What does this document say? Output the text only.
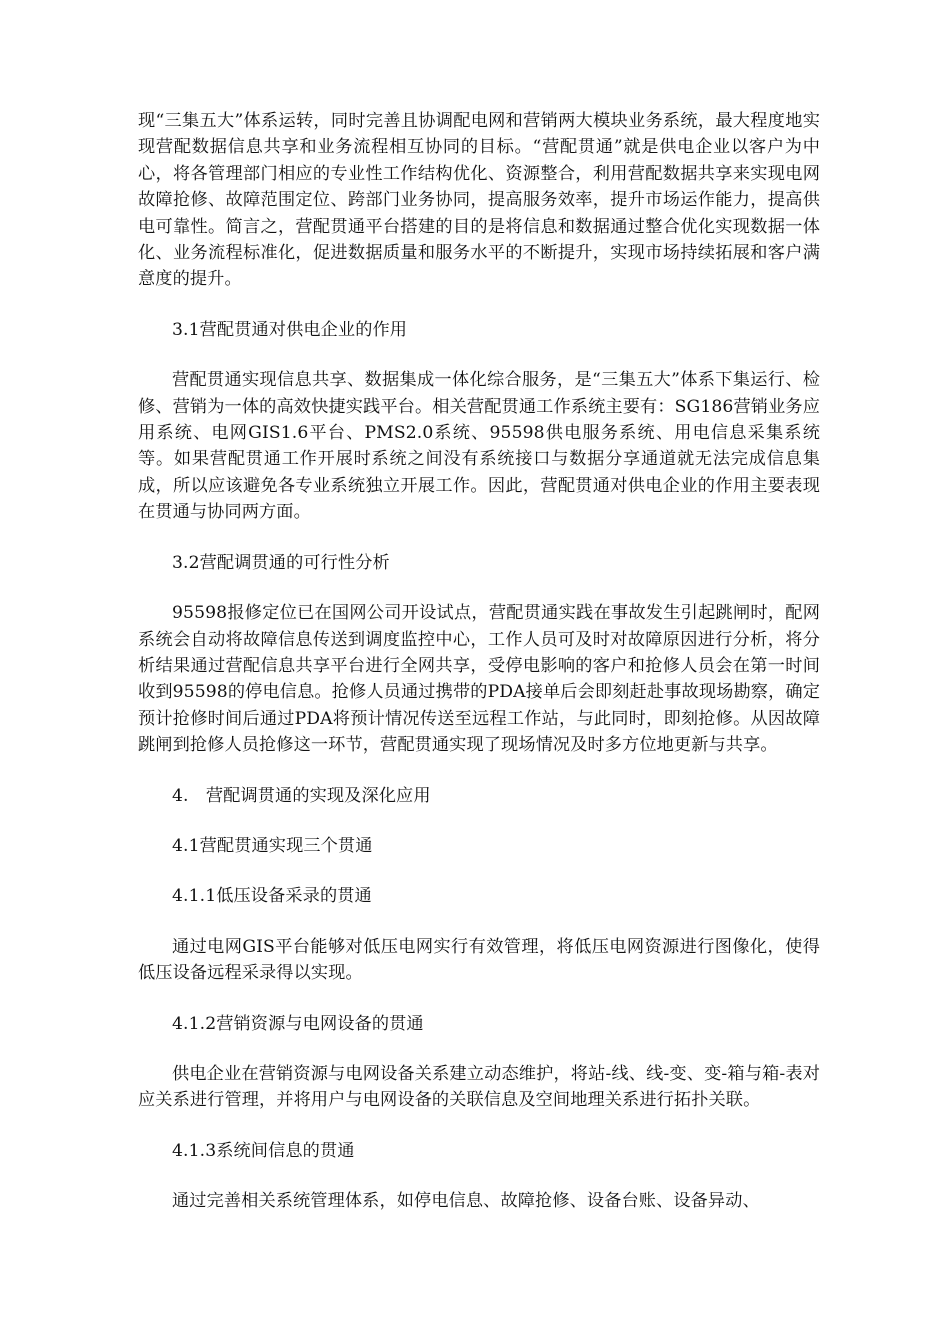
现“三集五大”体系运转，同时完善且协调配电网和营销两大模块业务系统，最大程度地实现营配数据信息共享和业务流程相互协同的目标。“营配贯通”就是供电企业以客户为中心，将各管理部门相应的专业性工作结构优化、资源整合，利用营配数据共享来实现电网故障抢修、故障范围定位、跨部门业务协同，提高服务效率，提升市场运作能力，提高供电可靠性。简言之，营配贯通平台搭建的目的是将信息和数据通过整合优化实现数据一体化、业务流程标准化，促进数据质量和服务水平的不断提升，实现市场持续拓展和客户满意度的提升。

3.1营配贯通对供电企业的作用

营配贯通实现信息共享、数据集成一体化综合服务，是“三集五大”体系下集运行、检修、营销为一体的高效快捷实践平台。相关营配贯通工作系统主要有：SG186营销业务应用系统、电网GIS1.6平台、PMS2.0系统、95598供电服务系统、用电信息采集系统等。如果营配贯通工作开展时系统之间没有系统接口与数据分享通道就无法完成信息集成，所以应该避免各专业系统独立开展工作。因此，营配贯通对供电企业的作用主要表现在贯通与协同两方面。

3.2营配调贯通的可行性分析

95598报修定位已在国网公司开设试点，营配贯通实践在事故发生引起跳闸时，配网系统会自动将故障信息传送到调度监控中心，工作人员可及时对故障原因进行分析，将分析结果通过营配信息共享平台进行全网共享，受停电影响的客户和抢修人员会在第一时间收到95598的停电信息。抢修人员通过携带的PDA接单后会即刻赶赴事故现场勘察，确定预计抢修时间后通过PDA将预计情况传送至远程工作站，与此同时，即刻抢修。从因故障跳闸到抢修人员抢修这一环节，营配贯通实现了现场情况及时多方位地更新与共享。

4.　营配调贯通的实现及深化应用

4.1营配贯通实现三个贯通

4.1.1低压设备采录的贯通

通过电网GIS平台能够对低压电网实行有效管理，将低压电网资源进行图像化，使得低压设备远程采录得以实现。

4.1.2营销资源与电网设备的贯通

供电企业在营销资源与电网设备关系建立动态维护，将站-线、线-变、变-箱与箱-表对应关系进行管理，并将用户与电网设备的关联信息及空间地理关系进行拓扑关联。

4.1.3系统间信息的贯通

通过完善相关系统管理体系，如停电信息、故障抢修、设备台账、设备异动、
